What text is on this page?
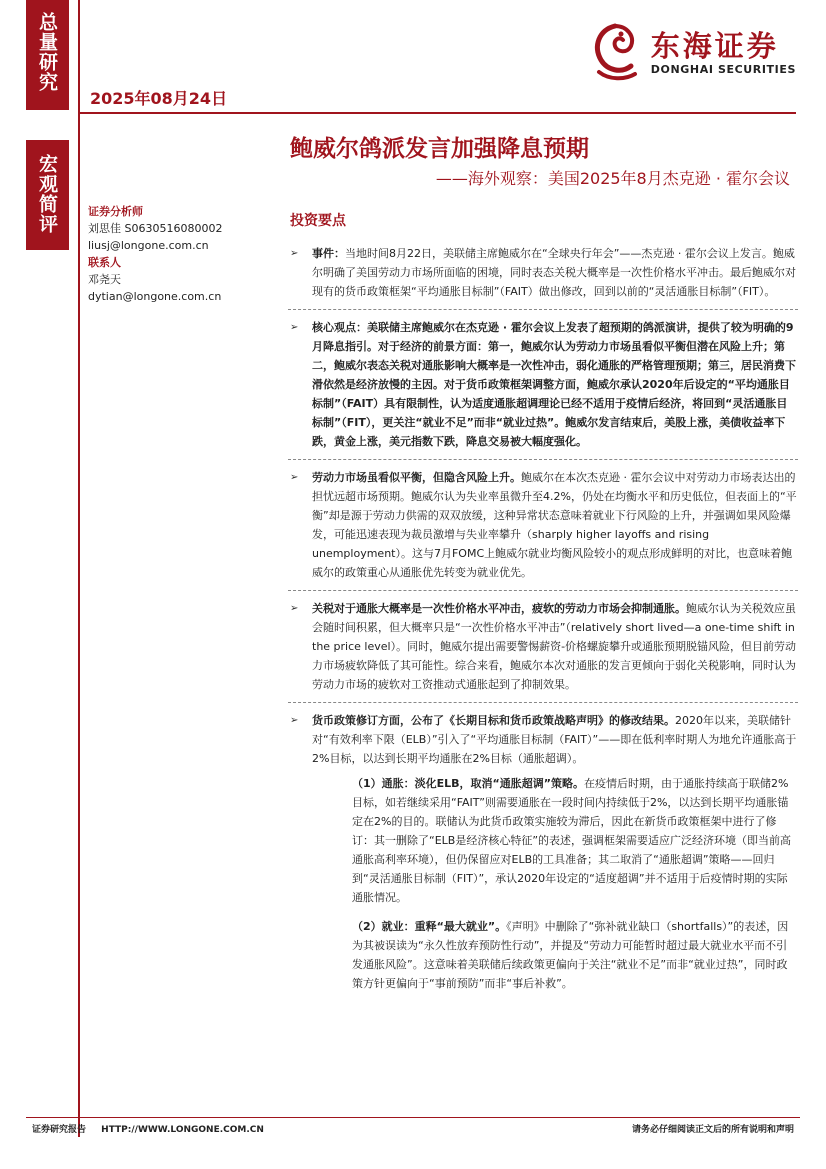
总量研究
宏观简评
2025年08月24日
东海证券
DONGHAI SECURITIES
鲍威尔鸽派发言加强降息预期
——海外观察：美国2025年8月杰克逊 · 霍尔会议
证券分析师
刘思佳 S0630516080002
liusj@longone.com.cn
联系人
邓尧天
dytian@longone.com.cn
投资要点
➢ 事件：当地时间8月22日，美联储主席鲍威尔在“全球央行年会”——杰克逊 · 霍尔会议上发言。鲍威尔明确了美国劳动力市场所面临的困境，同时表态关税大概率是一次性价格水平冲击。最后鲍威尔对现有的货币政策框架“平均通胀目标制”（FAIT）做出修改，回到以前的“灵活通胀目标制”（FIT）。
➢ 核心观点：美联储主席鲍威尔在杰克逊 · 霍尔会议上发表了超预期的鸽派演讲，提供了较为明确的9月降息指引。对于经济的前景方面：第一，鲍威尔认为劳动力市场虽看似平衡但潜在风险上升；第二，鲍威尔表态关税对通胀影响大概率是一次性冲击，弱化通胀的严格管理预期；第三，居民消费下滑依然是经济放慢的主因。对于货币政策框架调整方面，鲍威尔承认2020年后设定的“平均通胀目标制”（FAIT）具有限制性，认为适度通胀超调理论已经不适用于疫情后经济，将回到“灵活通胀目标制”（FIT），更关注“就业不足”而非“就业过热”。鲍威尔发言结束后，美股上涨，美债收益率下跌，黄金上涨，美元指数下跌，降息交易被大幅度强化。
➢ 劳动力市场虽看似平衡，但隐含风险上升。鲍威尔在本次杰克逊 · 霍尔会议中对劳动力市场表达出的担忧远超市场预期。鲍威尔认为失业率虽微升至4.2%，仍处在均衡水平和历史低位，但表面上的“平衡”却是源于劳动力供需的双双放缓，这种异常状态意味着就业下行风险的上升，并强调如果风险爆发，可能迅速表现为裁员激增与失业率攀升（sharply higher layoffs and rising unemployment）。这与7月FOMC上鲍威尔就业均衡风险较小的观点形成鲜明的对比，也意味着鲍威尔的政策重心从通胀优先转变为就业优先。
➢ 关税对于通胀大概率是一次性价格水平冲击，疲软的劳动力市场会抑制通胀。鲍威尔认为关税效应虽会随时间积累，但大概率只是“一次性价格水平冲击”（relatively short lived—a one-time shift in the price level）。同时，鲍威尔提出需要警惕薪资-价格螺旋攀升或通胀预期脱锚风险，但目前劳动力市场疲软降低了其可能性。综合来看，鲍威尔本次对通胀的发言更倾向于弱化关税影响，同时认为劳动力市场的疲软对工资推动式通胀起到了抑制效果。
➢ 货币政策修订方面，公布了《长期目标和货币政策战略声明》的修改结果。2020年以来，美联储针对“有效利率下限（ELB）”引入了“平均通胀目标制（FAIT）”——即在低利率时期人为地允许通胀高于2%目标，以达到长期平均通胀在2%目标（通胀超调）。
（1）通胀：淡化ELB，取消“通胀超调”策略。在疫情后时期，由于通胀持续高于联储2%目标，如若继续采用“FAIT”则需要通胀在一段时间内持续低于2%，以达到长期平均通胀锚定在2%的目的。联储认为此货币政策实施较为滞后，因此在新货币政策框架中进行了修订：其一删除了“ELB是经济核心特征”的表述，强调框架需要适应广泛经济环境（即当前高通胀高利率环境），但仍保留应对ELB的工具准备；其二取消了“通胀超调”策略——回归到“灵活通胀目标制（FIT）”，承认2020年设定的“适度超调”并不适用于后疫情时期的实际通胀情况。
（2）就业：重释“最大就业”。《声明》中删除了“弥补就业缺口（shortfalls）”的表述，因为其被误读为“永久性放弃预防性行动”，并提及“劳动力可能暂时超过最大就业水平而不引发通胀风险”。这意味着美联储后续政策更偏向于关注“就业不足”而非“就业过热”，同时政策方针更偏向于“事前预防”而非“事后补救”。
证券研究报告 HTTP://WWW.LONGONE.COM.CN	请务必仔细阅读正文后的所有说明和声明
